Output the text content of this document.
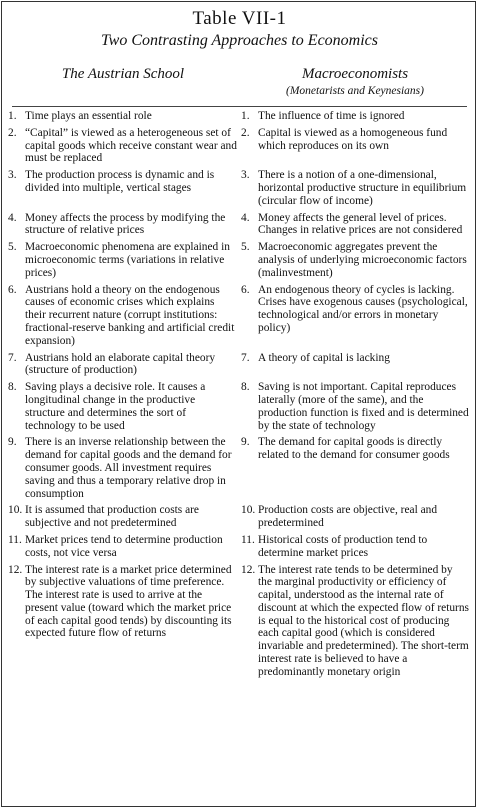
Table VII-1
Two Contrasting Approaches to Economics
The Austrian School	Macroeconomists
(Monetarists and Keynesians)
1. Time plays an essential role	1. The influence of time is ignored
2. “Capital” is viewed as a heterogeneous set of capital goods which receive constant wear and must be replaced
2. Capital is viewed as a homogeneous fund which reproduces on its own
3. The production process is dynamic and is divided into multiple, vertical stages
3. There is a notion of a one-dimensional, horizontal productive structure in equilibrium (circular flow of income)
4. Money affects the process by modifying the structure of relative prices
4. Money affects the general level of prices. Changes in relative prices are not considered
5. Macroeconomic phenomena are explained in microeconomic terms (variations in relative prices)
5. Macroeconomic aggregates prevent the analysis of underlying microeconomic factors (malinvestment)
6. Austrians hold a theory on the endogenous causes of economic crises which explains their recurrent nature (corrupt institutions: fractional-reserve banking and artificial credit expansion)
6. An endogenous theory of cycles is lacking. Crises have exogenous causes (psychological, technological and/or errors in monetary policy)
7. Austrians hold an elaborate capital theory (structure of production)
7. A theory of capital is lacking
8. Saving plays a decisive role. It causes a longitudinal change in the productive structure and determines the sort of technology to be used
8. Saving is not important. Capital reproduces laterally (more of the same), and the production function is fixed and is determined by the state of technology
9. There is an inverse relationship between the demand for capital goods and the demand for consumer goods. All investment requires saving and thus a temporary relative drop in consumption
9. The demand for capital goods is directly related to the demand for consumer goods
10. It is assumed that production costs are subjective and not predetermined
10. Production costs are objective, real and predetermined
11. Market prices tend to determine production costs, not vice versa
11. Historical costs of production tend to determine market prices
12. The interest rate is a market price determined by subjective valuations of time preference. The interest rate is used to arrive at the present value (toward which the market price of each capital good tends) by discounting its expected future flow of returns
12. The interest rate tends to be determined by the marginal productivity or efficiency of capital, understood as the internal rate of discount at which the expected flow of returns is equal to the historical cost of producing each capital good (which is considered invariable and predetermined). The short-term interest rate is believed to have a predominantly monetary origin
